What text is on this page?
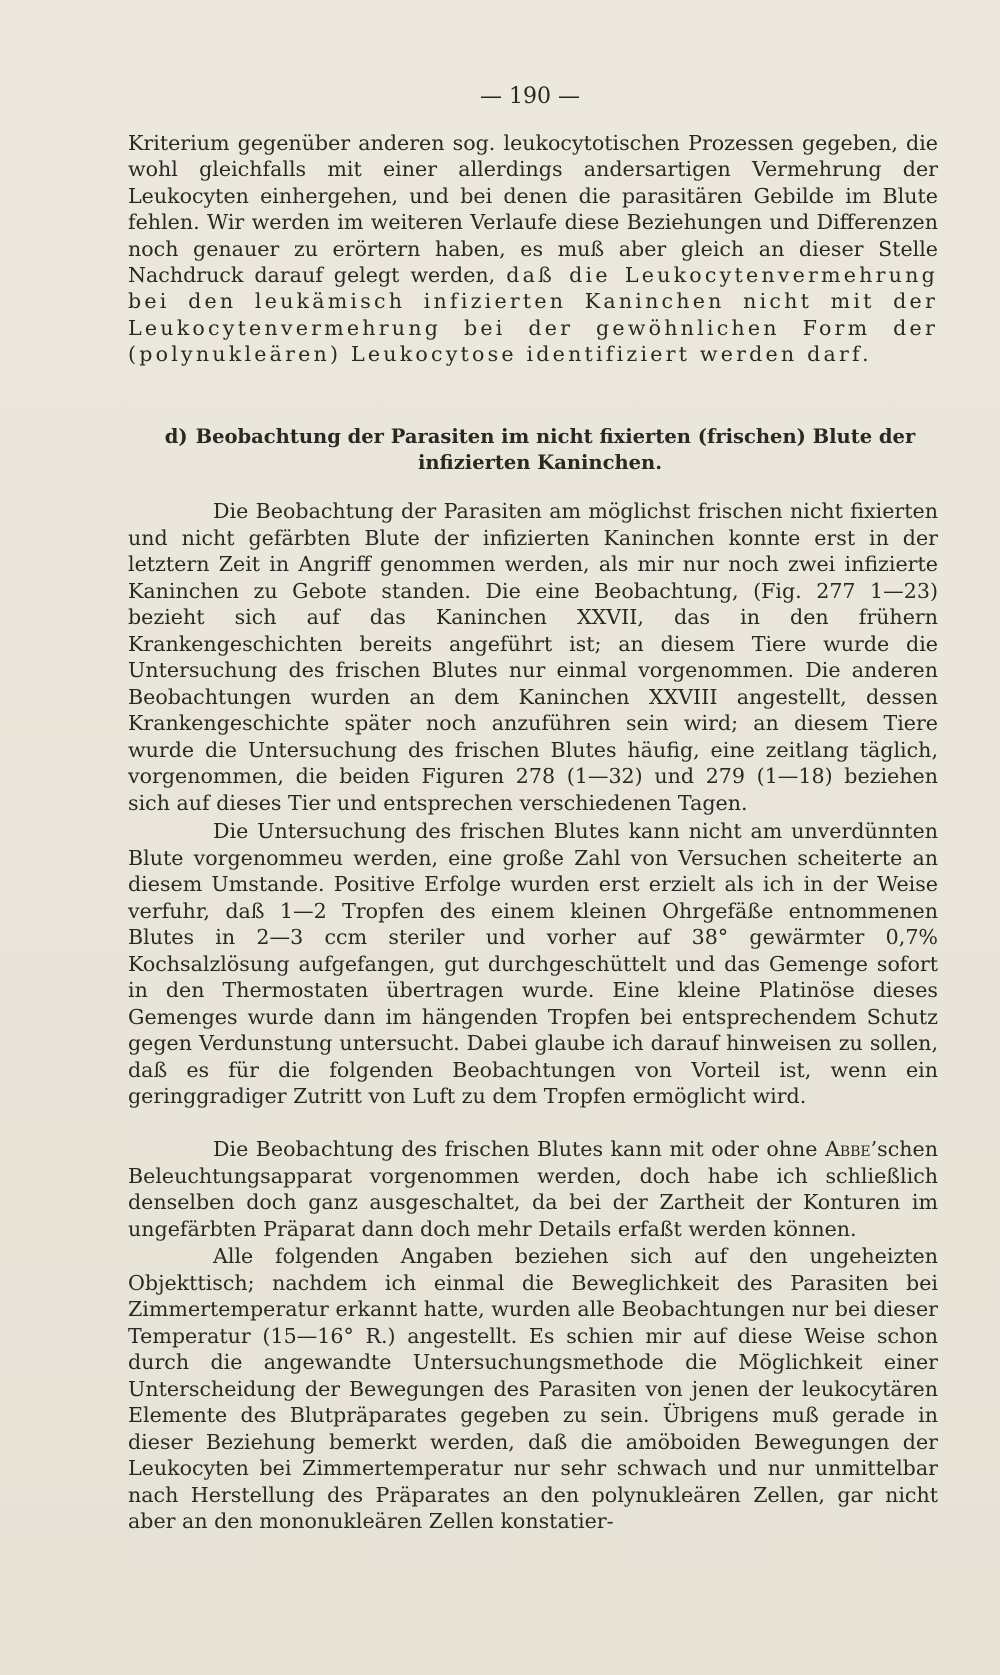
— 190 —

Kriterium gegenüber anderen sog. leukocytotischen Prozessen gegeben, die wohl gleichfalls mit einer allerdings andersartigen Vermehrung der Leukocyten einhergehen, und bei denen die parasitären Gebilde im Blute fehlen. Wir werden im weiteren Verlaufe diese Beziehungen und Differenzen noch genauer zu erörtern haben, es muß aber gleich an dieser Stelle Nachdruck darauf gelegt werden, daß die Leukocytenvermehrung bei den leukämisch infizierten Kaninchen nicht mit der Leukocytenvermehrung bei der gewöhnlichen Form der (polynukleären) Leukocytose identifiziert werden darf.

d) Beobachtung der Parasiten im nicht fixierten (frischen) Blute der infizierten Kaninchen.

Die Beobachtung der Parasiten am möglichst frischen nicht fixierten und nicht gefärbten Blute der infizierten Kaninchen konnte erst in der letztern Zeit in Angriff genommen werden, als mir nur noch zwei infizierte Kaninchen zu Gebote standen. Die eine Beobachtung, (Fig. 277 1—23) bezieht sich auf das Kaninchen XXVII, das in den frühern Krankengeschichten bereits angeführt ist; an diesem Tiere wurde die Untersuchung des frischen Blutes nur einmal vorgenommen. Die anderen Beobachtungen wurden an dem Kaninchen XXVIII angestellt, dessen Krankengeschichte später noch anzuführen sein wird; an diesem Tiere wurde die Untersuchung des frischen Blutes häufig, eine zeitlang täglich, vorgenommen, die beiden Figuren 278 (1—32) und 279 (1—18) beziehen sich auf dieses Tier und entsprechen verschiedenen Tagen.

Die Untersuchung des frischen Blutes kann nicht am unverdünnten Blute vorgenommeu werden, eine große Zahl von Versuchen scheiterte an diesem Umstande. Positive Erfolge wurden erst erzielt als ich in der Weise verfuhr, daß 1—2 Tropfen des einem kleinen Ohrgefäße entnommenen Blutes in 2—3 ccm steriler und vorher auf 38° gewärmter 0,7% Kochsalzlösung aufgefangen, gut durchgeschüttelt und das Gemenge sofort in den Thermostaten übertragen wurde. Eine kleine Platinöse dieses Gemenges wurde dann im hängenden Tropfen bei entsprechendem Schutz gegen Verdunstung untersucht. Dabei glaube ich darauf hinweisen zu sollen, daß es für die folgenden Beobachtungen von Vorteil ist, wenn ein geringgradiger Zutritt von Luft zu dem Tropfen ermöglicht wird.

Die Beobachtung des frischen Blutes kann mit oder ohne Abbe’schen Beleuchtungsapparat vorgenommen werden, doch habe ich schließlich denselben doch ganz ausgeschaltet, da bei der Zartheit der Konturen im ungefärbten Präparat dann doch mehr Details erfaßt werden können.

Alle folgenden Angaben beziehen sich auf den ungeheizten Objekttisch; nachdem ich einmal die Beweglichkeit des Parasiten bei Zimmertemperatur erkannt hatte, wurden alle Beobachtungen nur bei dieser Temperatur (15—16° R.) angestellt. Es schien mir auf diese Weise schon durch die angewandte Untersuchungsmethode die Möglichkeit einer Unterscheidung der Bewegungen des Parasiten von jenen der leukocytären Elemente des Blutpräparates gegeben zu sein. Übrigens muß gerade in dieser Beziehung bemerkt werden, daß die amöboiden Bewegungen der Leukocyten bei Zimmertemperatur nur sehr schwach und nur unmittelbar nach Herstellung des Präparates an den polynukleären Zellen, gar nicht aber an den mononukleären Zellen konstatier-
